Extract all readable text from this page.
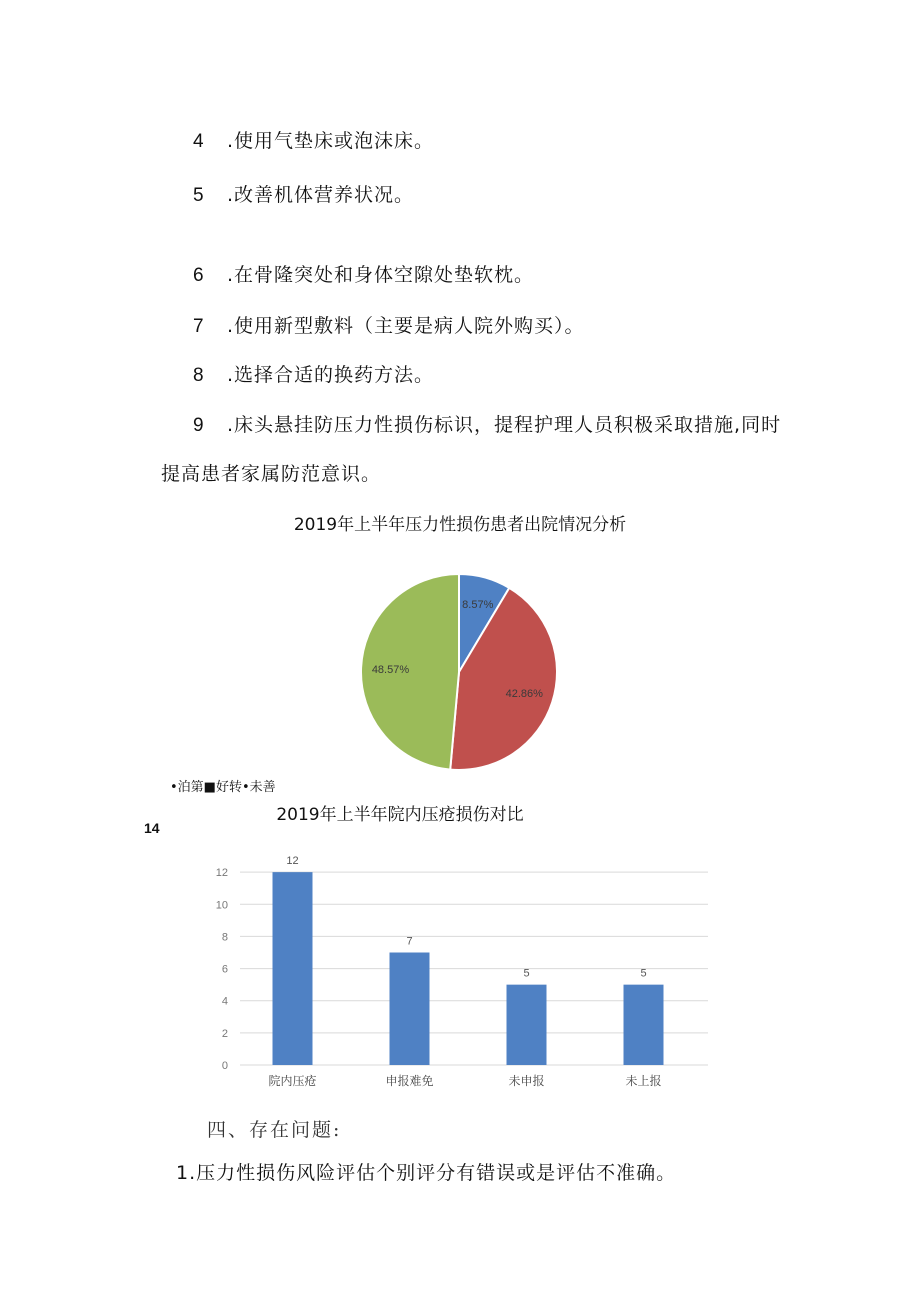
4 .使用气垫床或泡沫床。
5 .改善机体营养状况。
6 .在骨隆突处和身体空隙处垫软枕。
7 .使用新型敷料（主要是病人院外购买）。
8 .选择合适的换药方法。
9 .床头悬挂防压力性损伤标识，提程护理人员积极采取措施,同时
提高患者家属防范意识。
2019年上半年压力性损伤患者出院情况分析
8.57%
42.86%
48.57%
•泊第■好转•未善
14
2019年上半年院内压疮损伤对比
0
2
4
6
8
10
12
12
院内压疮
7
申报难免
5
未申报
5
未上报
四、存在问题:
1.压力性损伤风险评估个别评分有错误或是评估不准确。
